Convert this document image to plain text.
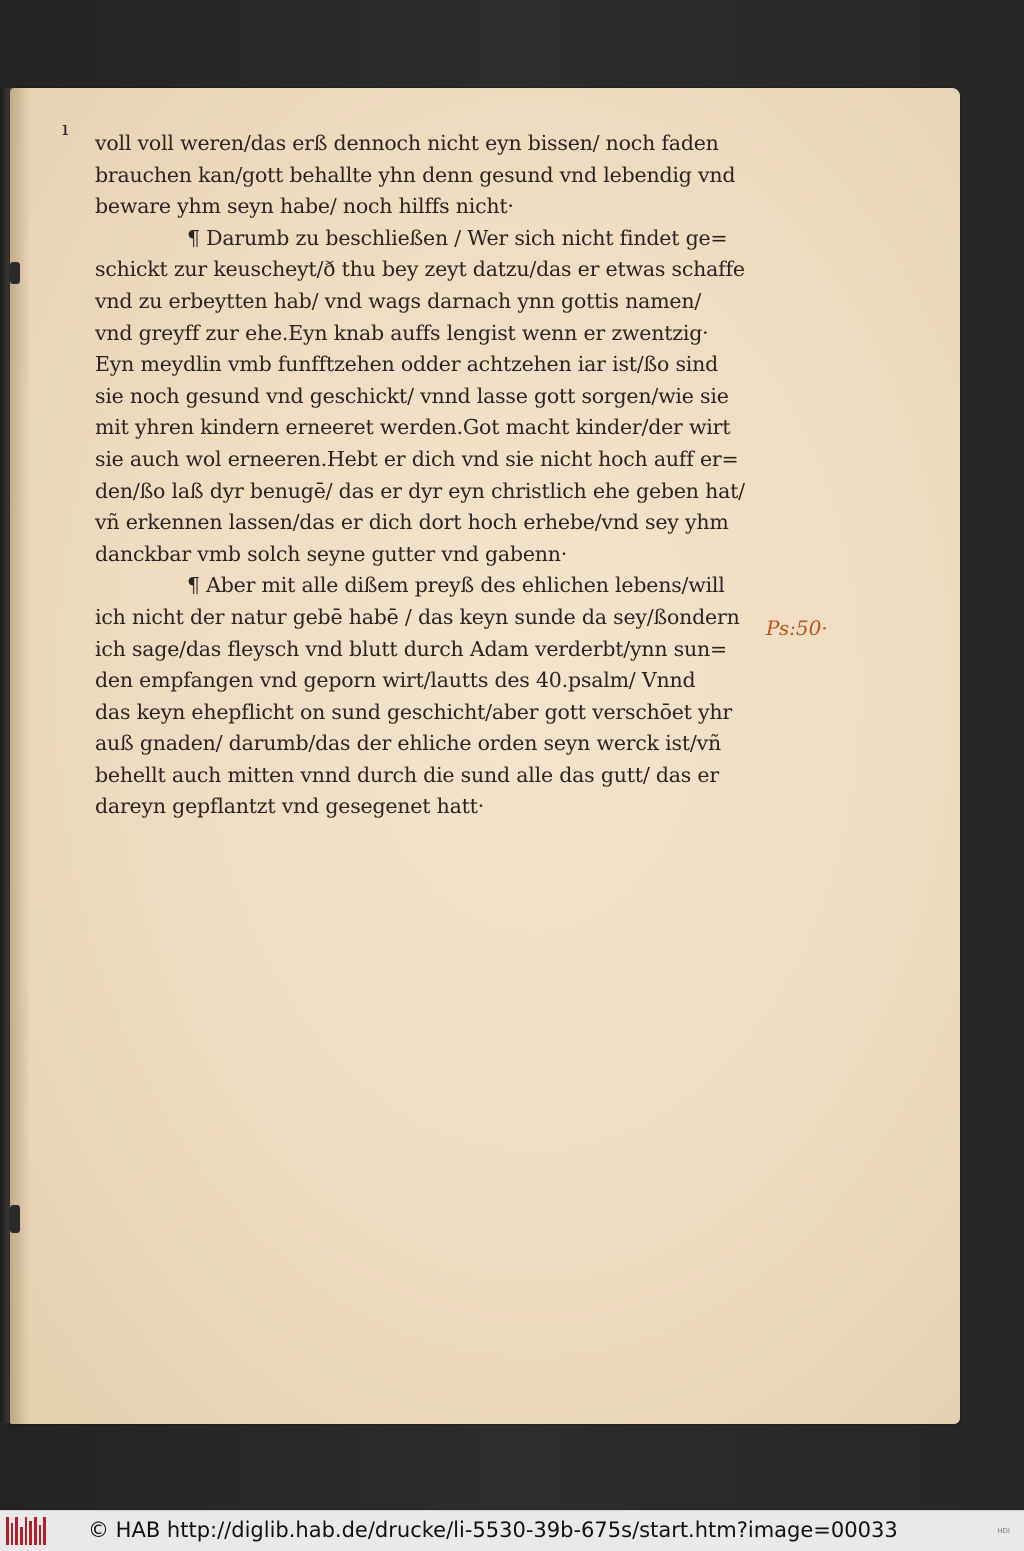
ı
voll voll weren/das erß dennoch nicht eyn bissen/ noch faden
brauchen kan/gott behallte yhn denn gesund vnd lebendig vnd
beware yhm seyn habe/ noch hilffs nicht·
¶ Darumb zu beschließen / Wer sich nicht findet ge=
schickt zur keuscheyt/ð thu bey zeyt datzu/das er etwas schaffe
vnd zu erbeytten hab/ vnd wags darnach ynn gottis namen/
vnd greyff zur ehe.Eyn knab auffs lengist wenn er zwentzig·
Eyn meydlin vmb funfftzehen odder achtzehen iar ist/ßo sind
sie noch gesund vnd geschickt/ vnnd lasse gott sorgen/wie sie
mit yhren kindern erneeret werden.Got macht kinder/der wirt
sie auch wol erneeren.Hebt er dich vnd sie nicht hoch auff er=
den/ßo laß dyr benugē/ das er dyr eyn christlich ehe geben hat/
vñ erkennen lassen/das er dich dort hoch erhebe/vnd sey yhm
danckbar vmb solch seyne gutter vnd gabenn·
¶ Aber mit alle dißem preyß des ehlichen lebens/will
ich nicht der natur gebē habē / das keyn sunde da sey/ßondern
ich sage/das fleysch vnd blutt durch Adam verderbt/ynn sun=
den empfangen vnd geporn wirt/lautts des 40.psalm/ Vnnd
das keyn ehepflicht on sund geschicht/aber gott verschōet yhr
auß gnaden/ darumb/das der ehliche orden seyn werck ist/vñ
behellt auch mitten vnnd durch die sund alle das gutt/ das er
dareyn gepflantzt vnd gesegenet hatt·
Ps:50·
© HAB http://diglib.hab.de/drucke/li-5530-39b-675s/start.htm?image=00033	HDI
